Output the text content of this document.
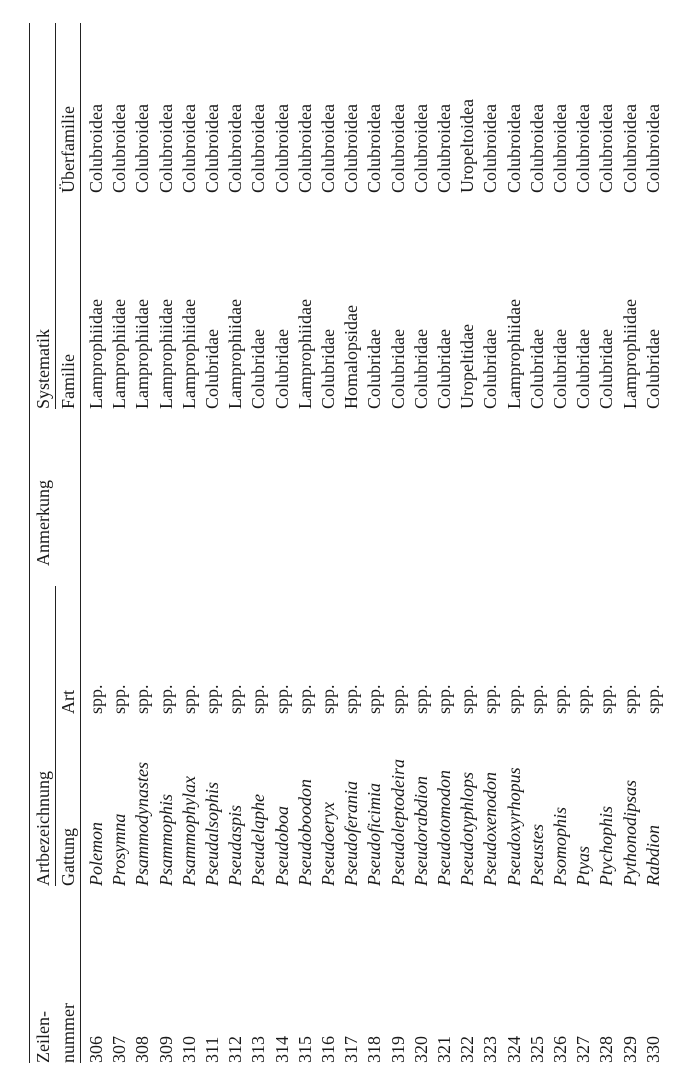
Zeilen-
Artbezeichnung
Anmerkung
Systematik
nummer
Gattung
Art
Familie
Überfamilie
306
Polemon
spp.
Lamprophiidae
Colubroidea
307
Prosymna
spp.
Lamprophiidae
Colubroidea
308
Psammodynastes
spp.
Lamprophiidae
Colubroidea
309
Psammophis
spp.
Lamprophiidae
Colubroidea
310
Psammophylax
spp.
Lamprophiidae
Colubroidea
311
Pseudalsophis
spp.
Colubridae
Colubroidea
312
Pseudaspis
spp.
Lamprophiidae
Colubroidea
313
Pseudelaphe
spp.
Colubridae
Colubroidea
314
Pseudoboa
spp.
Colubridae
Colubroidea
315
Pseudoboodon
spp.
Lamprophiidae
Colubroidea
316
Pseudoeryx
spp.
Colubridae
Colubroidea
317
Pseudoferania
spp.
Homalopsidae
Colubroidea
318
Pseudoficimia
spp.
Colubridae
Colubroidea
319
Pseudoleptodeira
spp.
Colubridae
Colubroidea
320
Pseudorabdion
spp.
Colubridae
Colubroidea
321
Pseudotomodon
spp.
Colubridae
Colubroidea
322
Pseudotyphlops
spp.
Uropeltidae
Uropeltoidea
323
Pseudoxenodon
spp.
Colubridae
Colubroidea
324
Pseudoxyrhopus
spp.
Lamprophiidae
Colubroidea
325
Pseustes
spp.
Colubridae
Colubroidea
326
Psomophis
spp.
Colubridae
Colubroidea
327
Ptyas
spp.
Colubridae
Colubroidea
328
Ptychophis
spp.
Colubridae
Colubroidea
329
Pythonodipsas
spp.
Lamprophiidae
Colubroidea
330
Rabdion
spp.
Colubridae
Colubroidea
